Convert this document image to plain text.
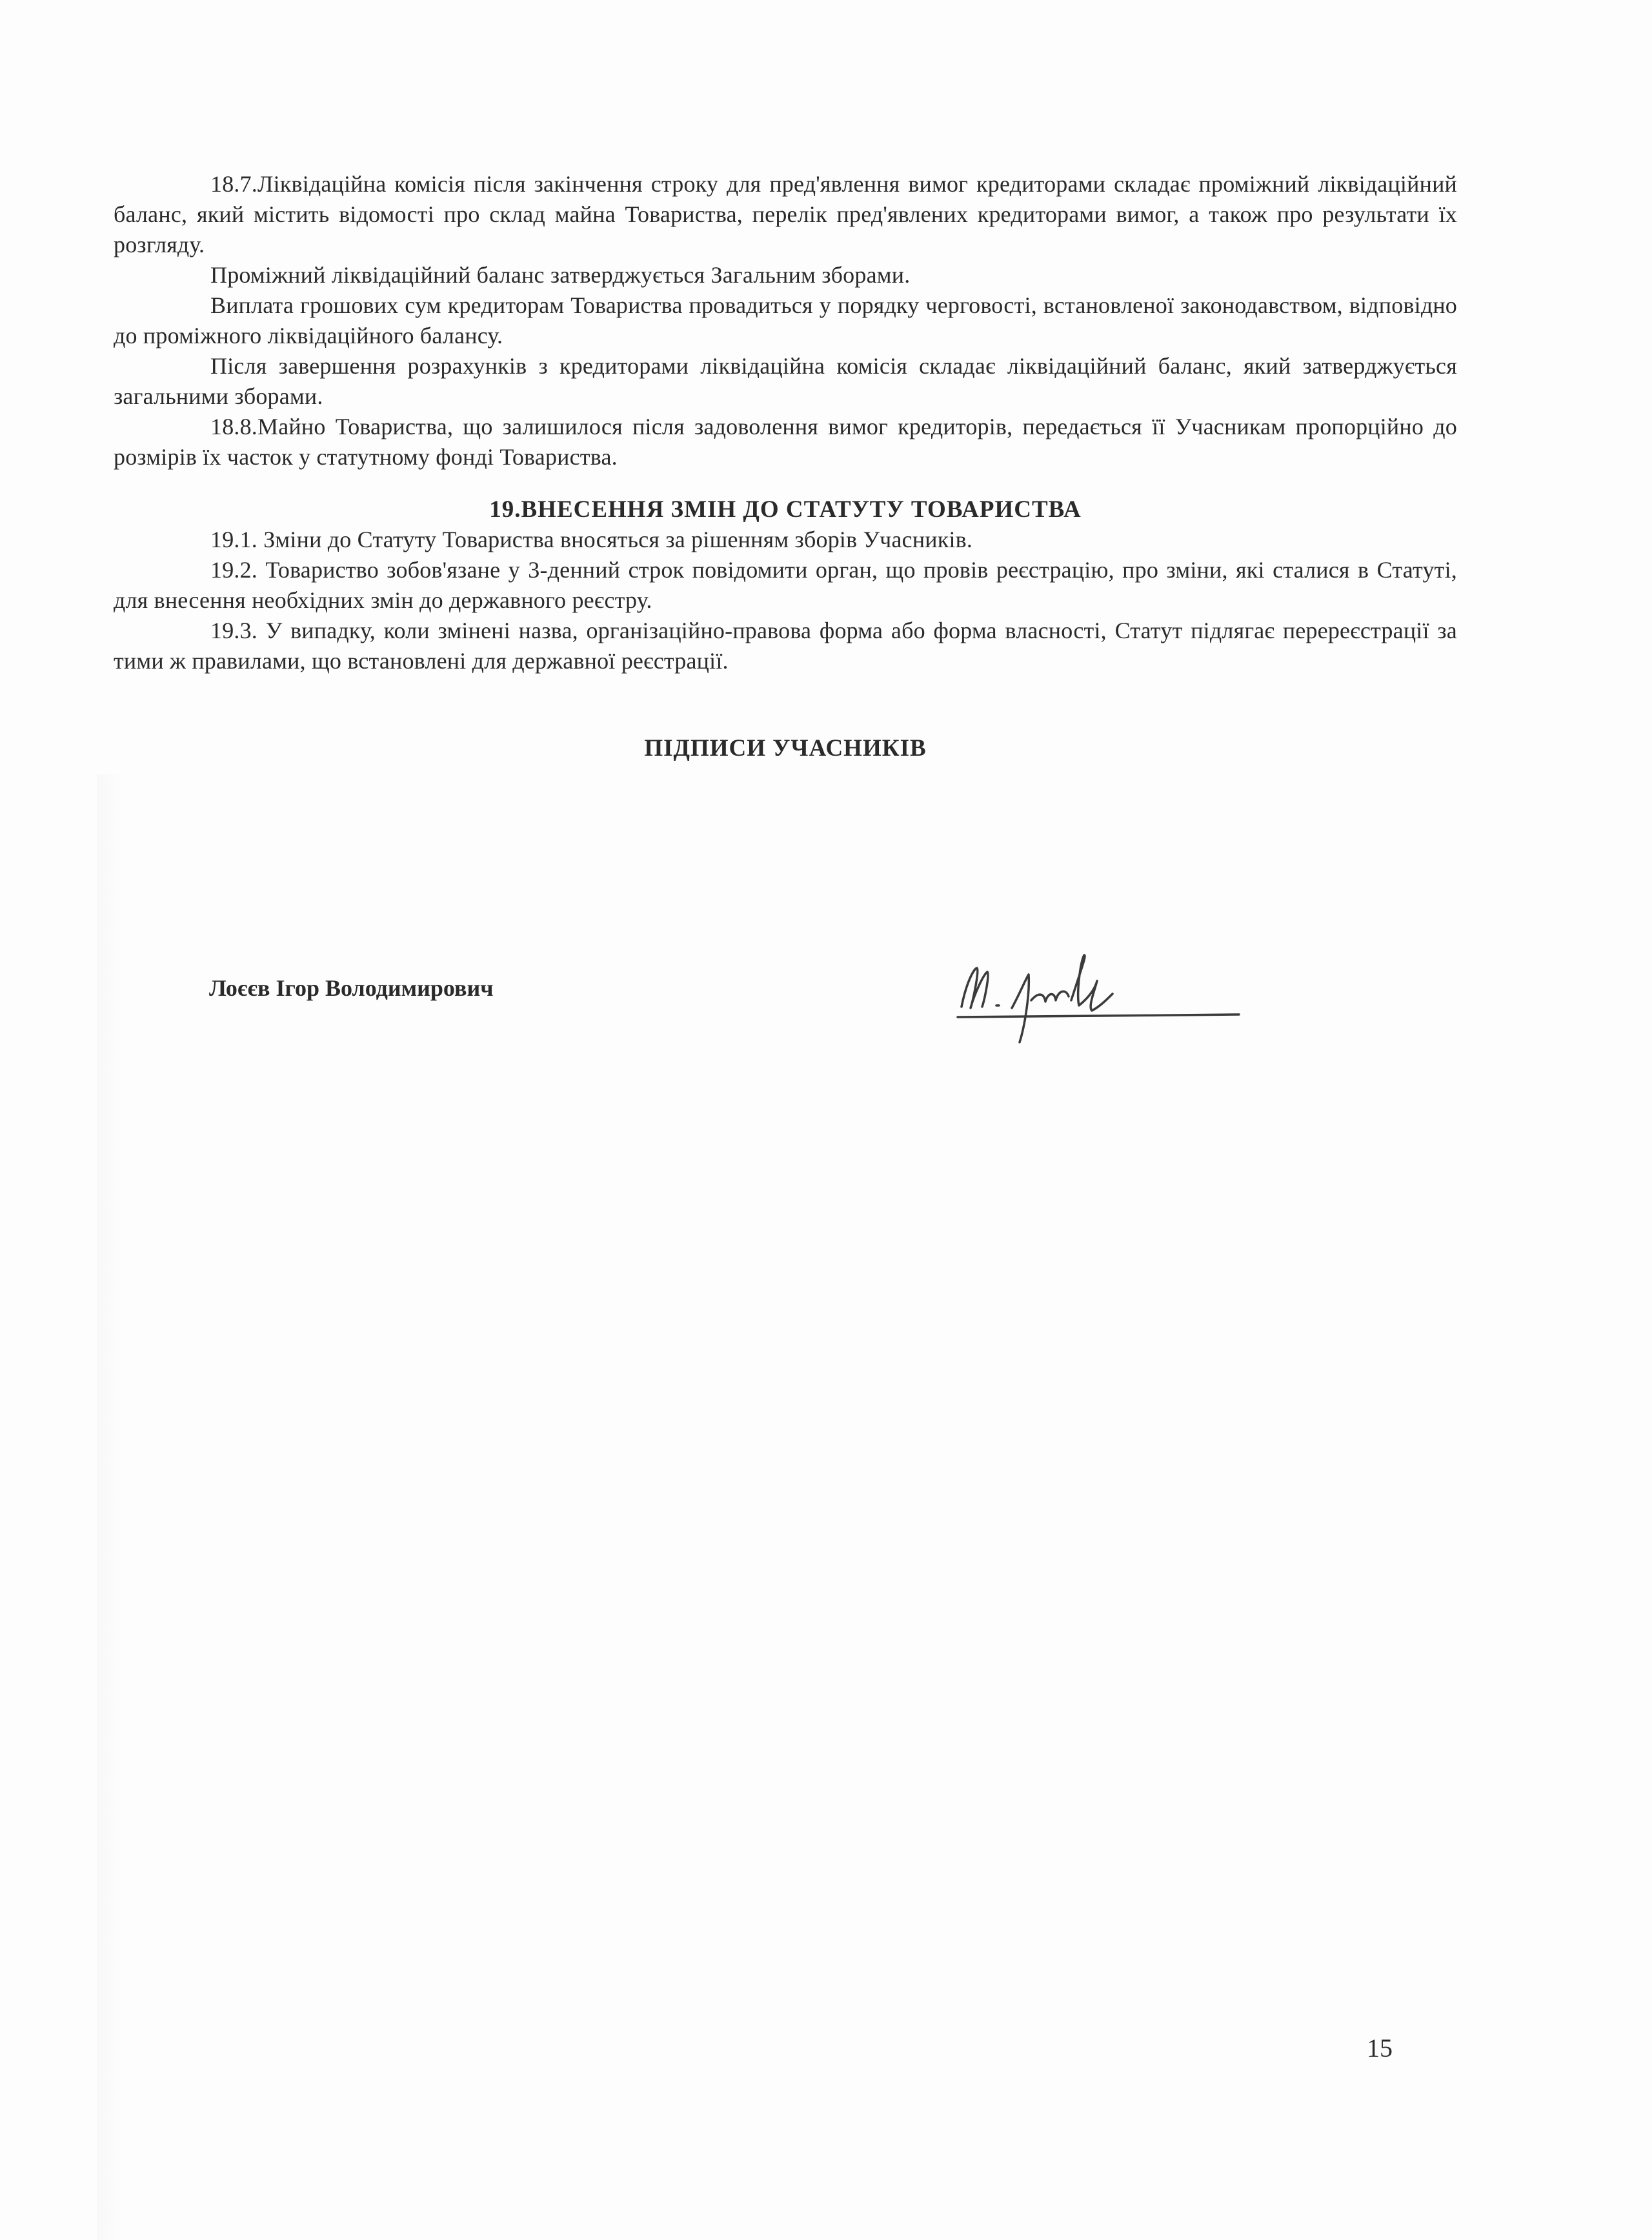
18.7.Ліквідаційна комісія після закінчення строку для пред'явлення вимог кредиторами складає проміжний ліквідаційний баланс, який містить відомості про склад майна Товариства, перелік пред'явлених кредиторами вимог, а також про результати їх розгляду.

Проміжний ліквідаційний баланс затверджується Загальним зборами.

Виплата грошових сум кредиторам Товариства провадиться у порядку черговості, встановленої законодавством, відповідно до проміжного ліквідаційного балансу.

Після завершення розрахунків з кредиторами ліквідаційна комісія складає ліквідаційний баланс, який затверджується загальними зборами.

18.8.Майно Товариства, що залишилося після задоволення вимог кредиторів, передається її Учасникам пропорційно до розмірів їх часток у статутному фонді Товариства.

19.ВНЕСЕННЯ ЗМІН ДО СТАТУТУ ТОВАРИСТВА

19.1. Зміни до Статуту Товариства вносяться за рішенням зборів Учасників.

19.2. Товариство зобов'язане у 3-денний строк повідомити орган, що провів реєстрацію, про зміни, які сталися в Статуті, для внесення необхідних змін до державного реєстру.

19.3. У випадку, коли змінені назва, організаційно-правова форма або форма власності, Статут підлягає перереєстрації за тими ж правилами, що встановлені для державної реєстрації.

ПІДПИСИ УЧАСНИКІВ

Лоєєв Ігор Володимирович
15
